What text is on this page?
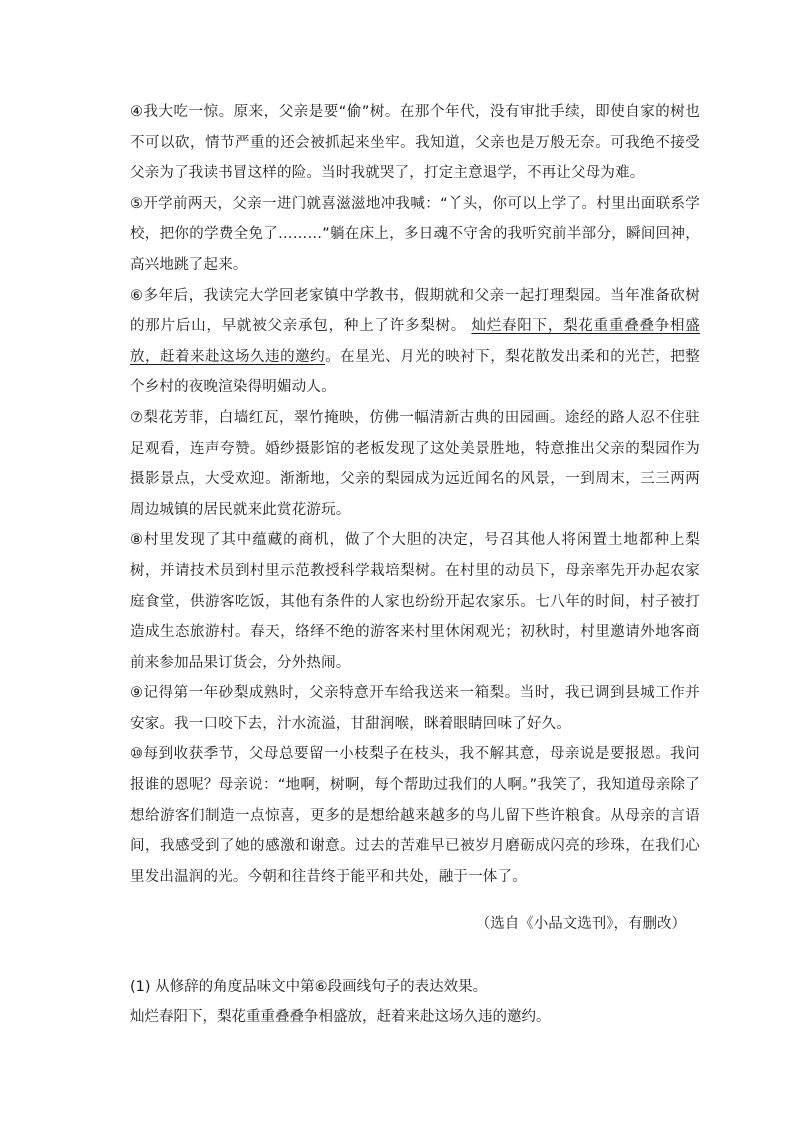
④我大吃一惊。原来，父亲是要“偷”树。在那个年代，没有审批手续，即使自家的树也不可以砍，情节严重的还会被抓起来坐牢。我知道，父亲也是万般无奈。可我绝不接受父亲为了我读书冒这样的险。当时我就哭了，打定主意退学，不再让父母为难。

⑤开学前两天，父亲一进门就喜滋滋地冲我喊：“丫头，你可以上学了。村里出面联系学校，把你的学费全免了………”躺在床上，多日魂不守舍的我听究前半部分，瞬间回神，高兴地跳了起来。

⑥多年后，我读完大学回老家镇中学教书，假期就和父亲一起打理梨园。当年准备砍树的那片后山，早就被父亲承包，种上了许多梨树。 灿烂春阳下，梨花重重叠叠争相盛放，赶着来赴这场久违的邀约。在星光、月光的映衬下，梨花散发出柔和的光芒，把整个乡村的夜晚渲染得明媚动人。

⑦梨花芳菲，白墙红瓦，翠竹掩映，仿佛一幅清新古典的田园画。途经的路人忍不住驻足观看，连声夸赞。婚纱摄影馆的老板发现了这处美景胜地，特意推出父亲的梨园作为摄影景点，大受欢迎。渐渐地，父亲的梨园成为远近闻名的风景，一到周末，三三两两周边城镇的居民就来此赏花游玩。

⑧村里发现了其中蕴藏的商机，做了个大胆的决定，号召其他人将闲置土地都种上梨树，并请技术员到村里示范教授科学栽培梨树。在村里的动员下，母亲率先开办起农家庭食堂，供游客吃饭，其他有条件的人家也纷纷开起农家乐。七八年的时间，村子被打造成生态旅游村。春天，络绎不绝的游客来村里休闲观光；初秋时，村里邀请外地客商前来参加品果订货会，分外热闹。

⑨记得第一年砂梨成熟时，父亲特意开车给我送来一箱梨。当时，我已调到县城工作并安家。我一口咬下去，汁水流溢，甘甜润喉，眯着眼睛回味了好久。

⑩每到收获季节，父母总要留一小枝梨子在枝头，我不解其意，母亲说是要报恩。我问报谁的恩呢？母亲说：“地啊，树啊，每个帮助过我们的人啊。”我笑了，我知道母亲除了想给游客们制造一点惊喜，更多的是想给越来越多的鸟儿留下些许粮食。从母亲的言语间，我感受到了她的感激和谢意。过去的苦难早已被岁月磨砺成闪亮的珍珠，在我们心里发出温润的光。今朝和往昔终于能平和共处，融于一体了。

（选自《小品文选刊》，有删改）

(1) 从修辞的角度品味文中第⑥段画线句子的表达效果。

灿烂春阳下，梨花重重叠叠争相盛放，赶着来赴这场久违的邀约。
